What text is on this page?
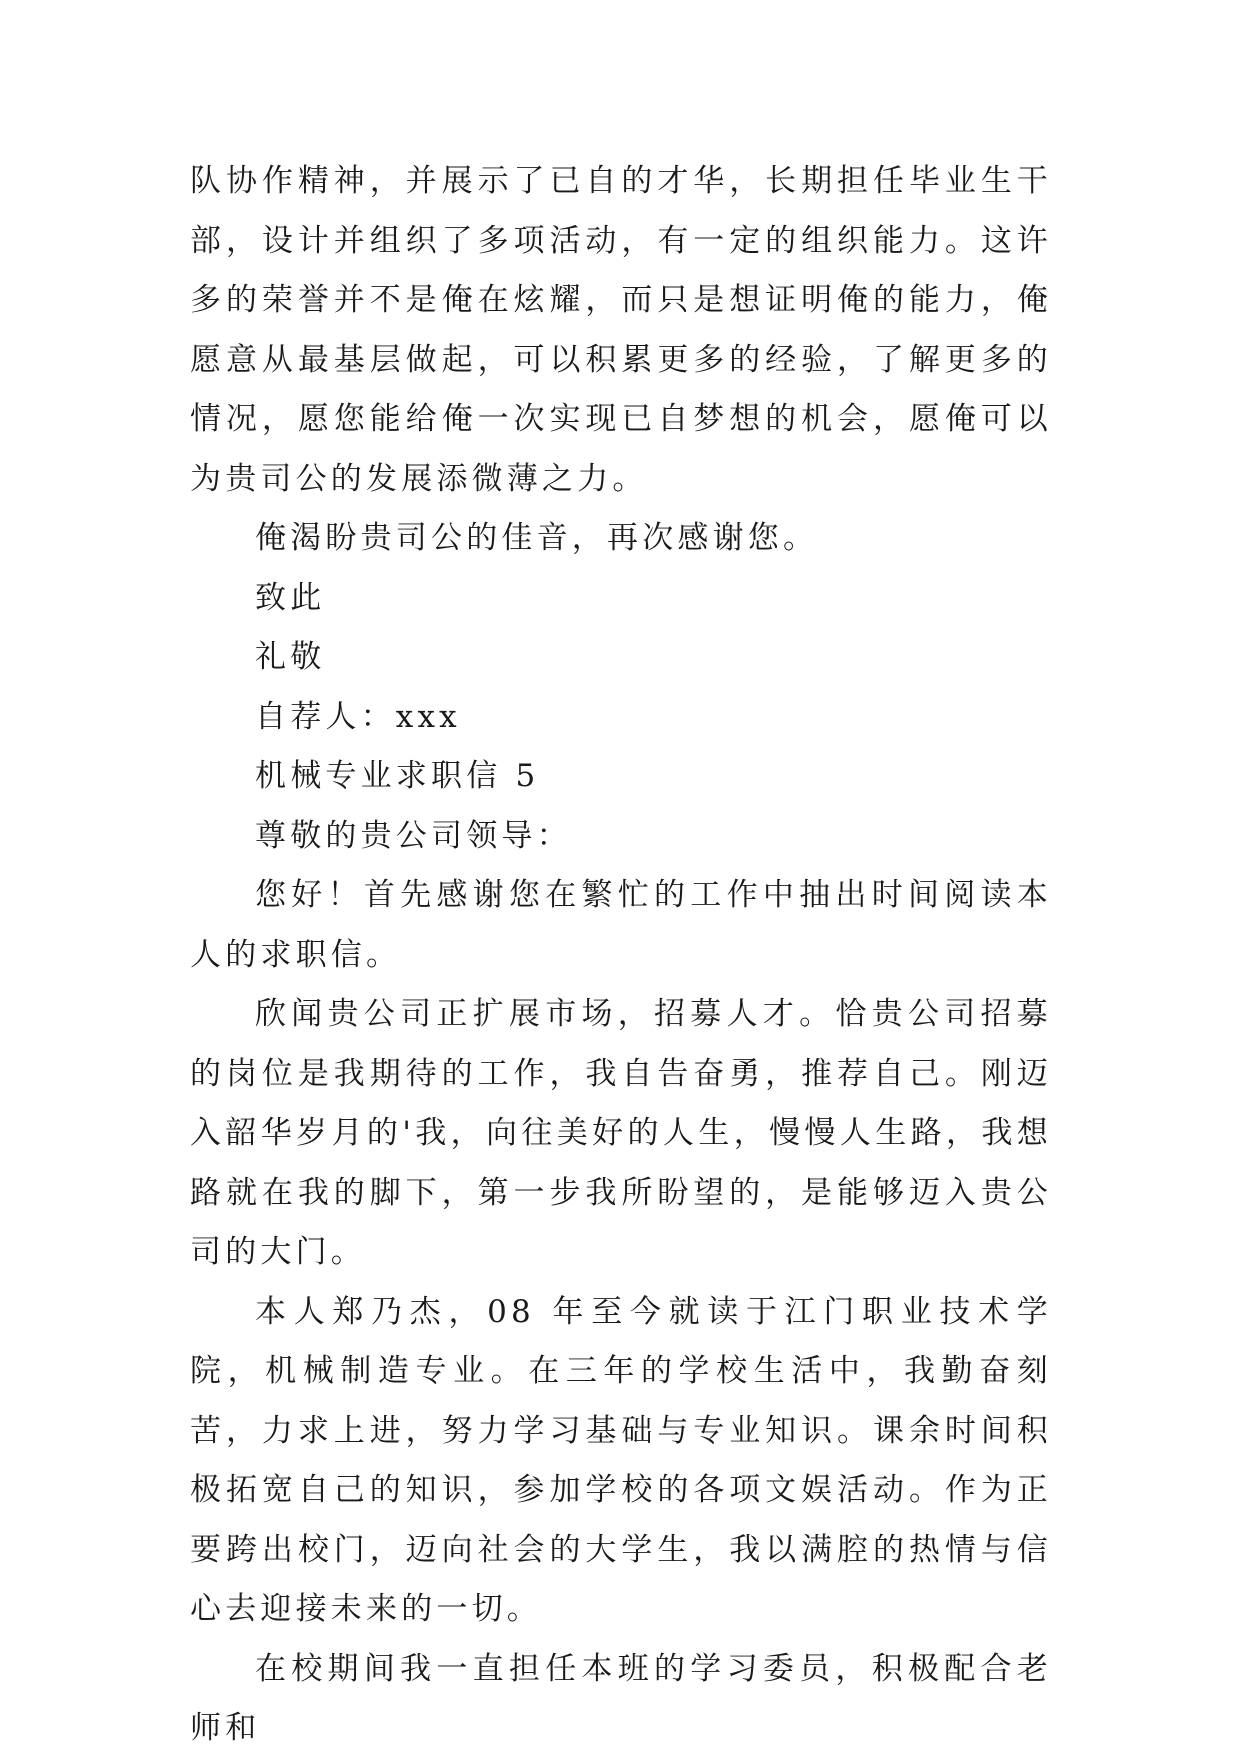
队协作精神，并展示了已自的才华，长期担任毕业生干部，设计并组织了多项活动，有一定的组织能力。这许多的荣誉并不是俺在炫耀，而只是想证明俺的能力，俺愿意从最基层做起，可以积累更多的经验，了解更多的情况，愿您能给俺一次实现已自梦想的机会，愿俺可以为贵司公的发展添微薄之力。

俺渴盼贵司公的佳音，再次感谢您。

致此

礼敬

自荐人：xxx

机械专业求职信 5

尊敬的贵公司领导：

您好！首先感谢您在繁忙的工作中抽出时间阅读本人的求职信。

欣闻贵公司正扩展市场，招募人才。恰贵公司招募的岗位是我期待的工作，我自告奋勇，推荐自己。刚迈入韶华岁月的'我，向往美好的人生，慢慢人生路，我想路就在我的脚下，第一步我所盼望的，是能够迈入贵公司的大门。

本人郑乃杰，08 年至今就读于江门职业技术学院，机械制造专业。在三年的学校生活中，我勤奋刻苦，力求上进，努力学习基础与专业知识。课余时间积极拓宽自己的知识，参加学校的各项文娱活动。作为正要跨出校门，迈向社会的大学生，我以满腔的热情与信心去迎接未来的一切。

在校期间我一直担任本班的学习委员，积极配合老师和
